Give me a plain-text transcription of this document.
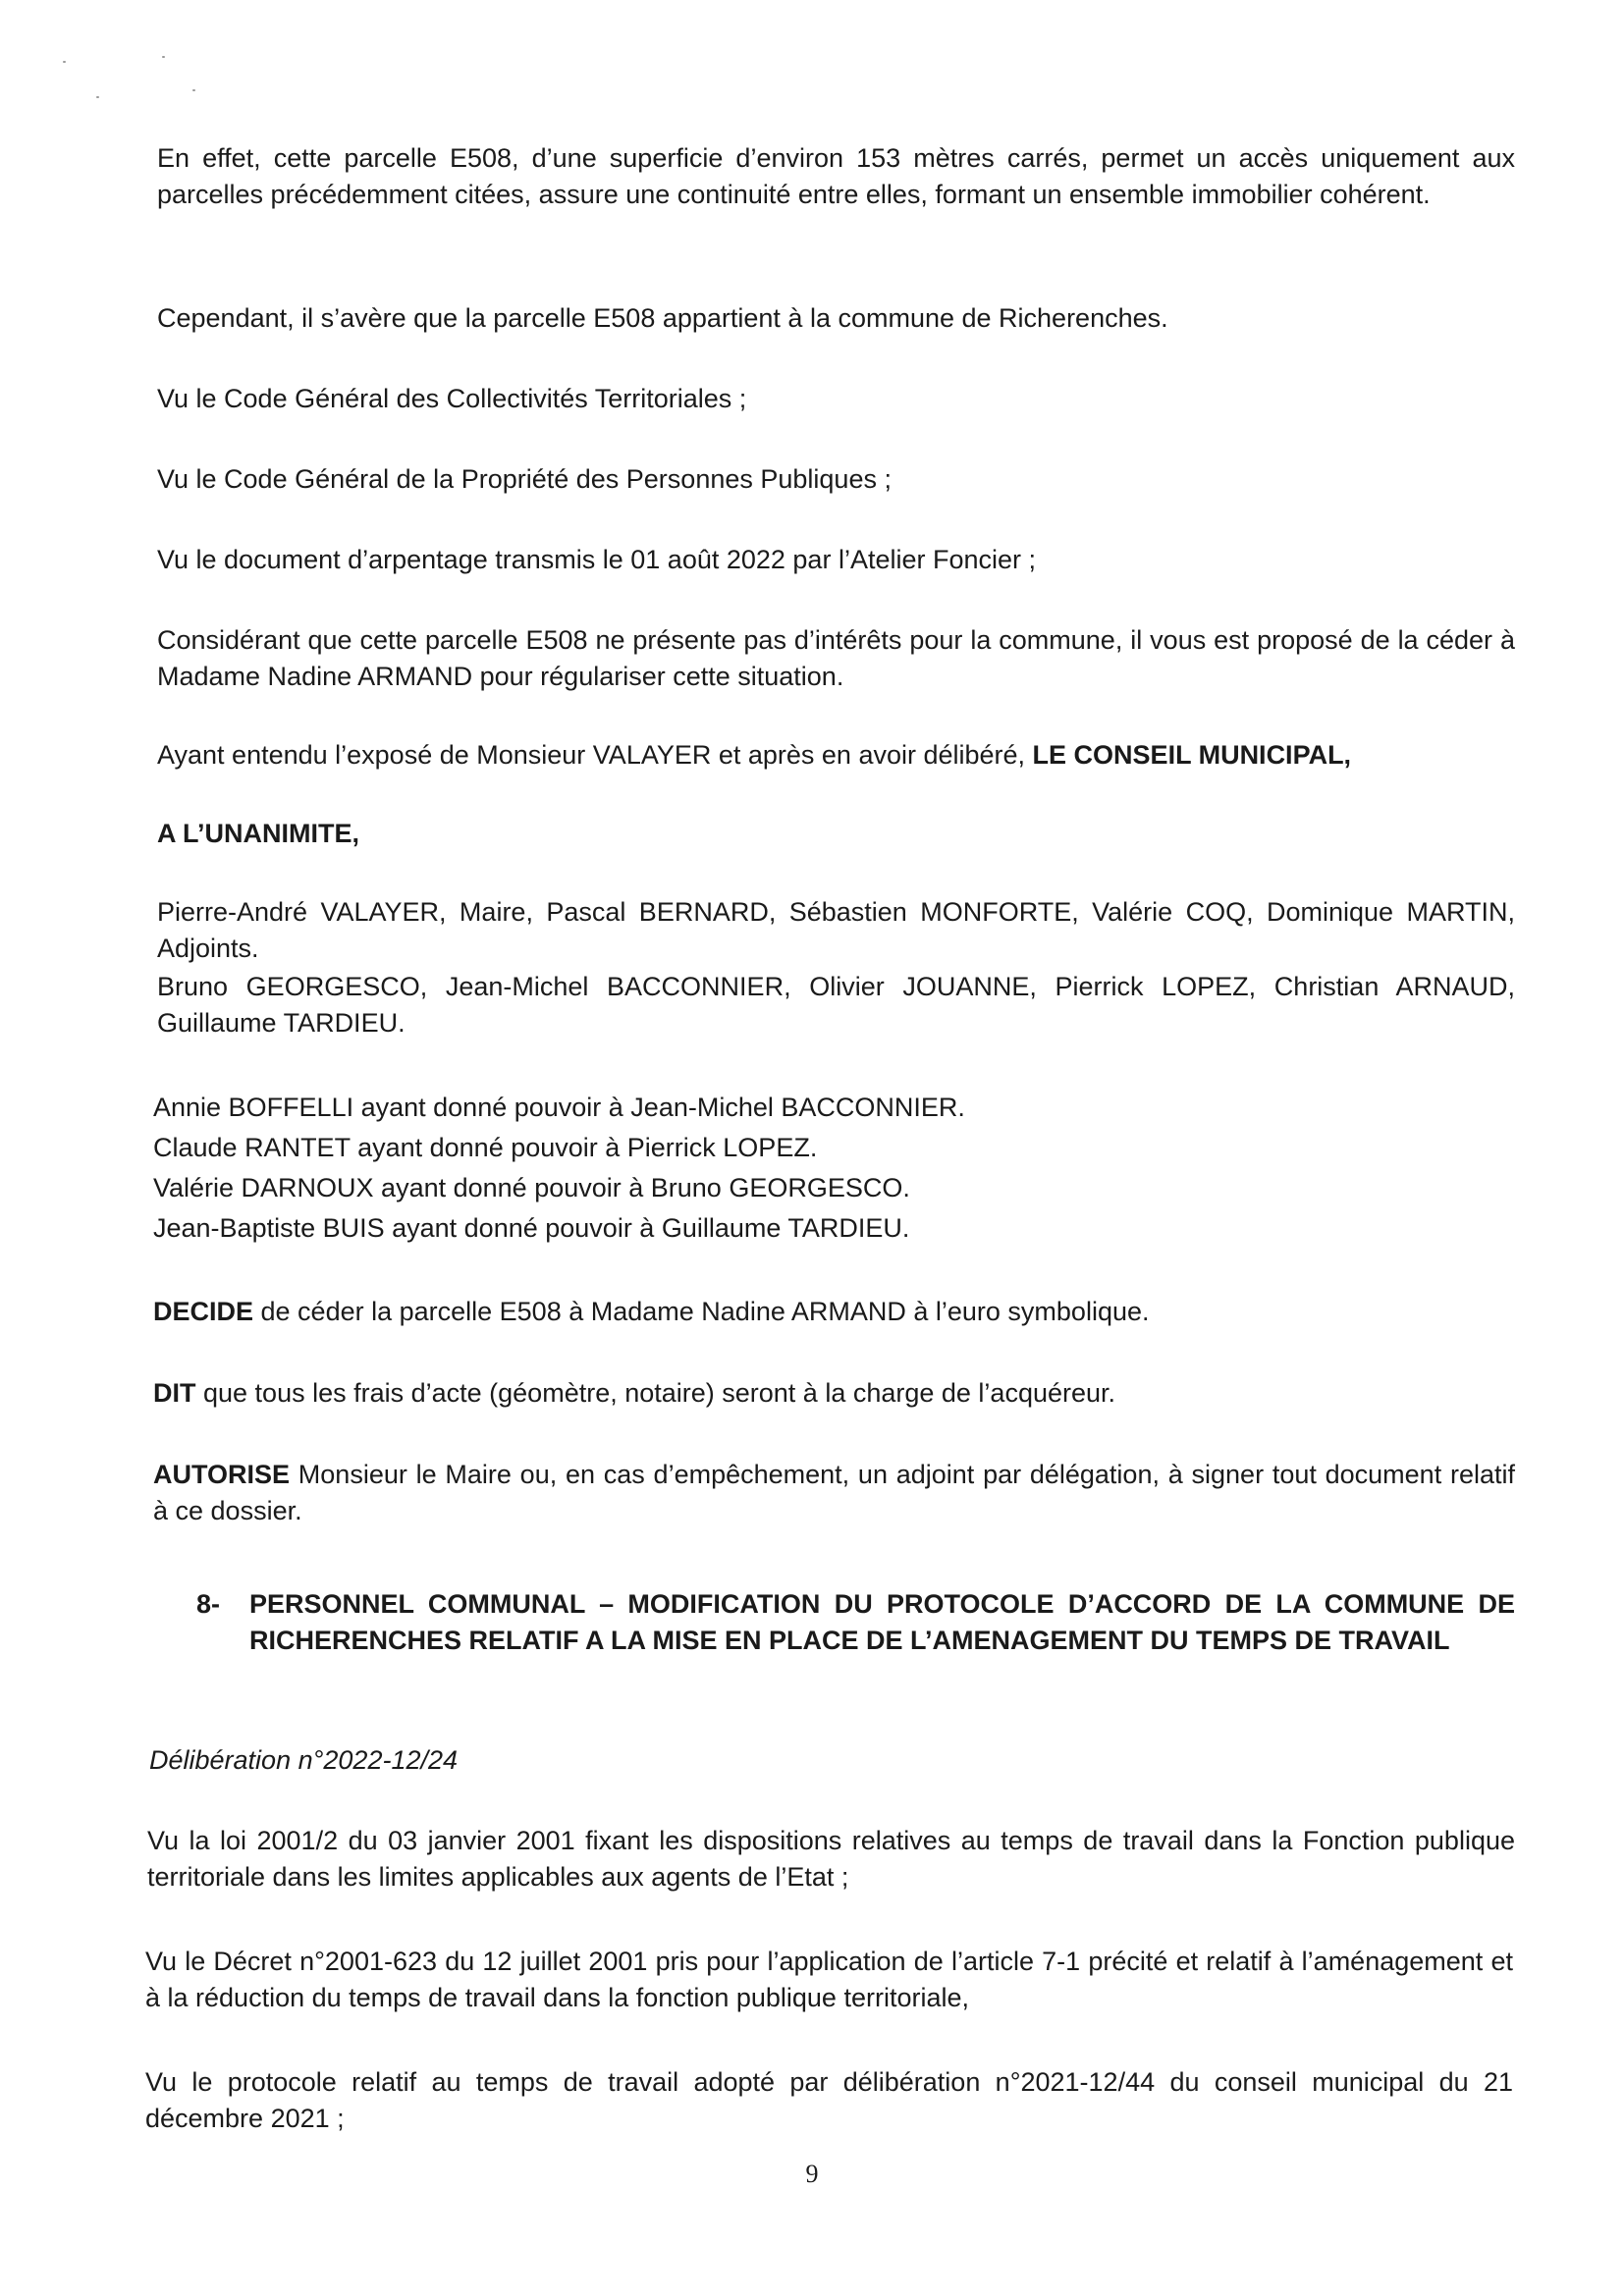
En effet, cette parcelle E508, d’une superficie d’environ 153 mètres carrés, permet un accès uniquement aux parcelles précédemment citées, assure une continuité entre elles, formant un ensemble immobilier cohérent.

Cependant, il s’avère que la parcelle E508 appartient à la commune de Richerenches.

Vu le Code Général des Collectivités Territoriales ;

Vu le Code Général de la Propriété des Personnes Publiques ;

Vu le document d’arpentage transmis le 01 août 2022 par l’Atelier Foncier ;

Considérant que cette parcelle E508 ne présente pas d’intérêts pour la commune, il vous est proposé de la céder à Madame Nadine ARMAND pour régulariser cette situation.

Ayant entendu l’exposé de Monsieur VALAYER et après en avoir délibéré, LE CONSEIL MUNICIPAL,

A L’UNANIMITE,

Pierre-André VALAYER, Maire, Pascal BERNARD, Sébastien MONFORTE, Valérie COQ, Dominique MARTIN, Adjoints.

Bruno GEORGESCO, Jean-Michel BACCONNIER, Olivier JOUANNE, Pierrick LOPEZ, Christian ARNAUD, Guillaume TARDIEU.

Annie BOFFELLI ayant donné pouvoir à Jean-Michel BACCONNIER.

Claude RANTET ayant donné pouvoir à Pierrick LOPEZ.

Valérie DARNOUX ayant donné pouvoir à Bruno GEORGESCO.

Jean-Baptiste BUIS ayant donné pouvoir à Guillaume TARDIEU.

DECIDE de céder la parcelle E508 à Madame Nadine ARMAND à l’euro symbolique.

DIT que tous les frais d’acte (géomètre, notaire) seront à la charge de l’acquéreur.

AUTORISE Monsieur le Maire ou, en cas d’empêchement, un adjoint par délégation, à signer tout document relatif à ce dossier.

8- PERSONNEL COMMUNAL – MODIFICATION DU PROTOCOLE D’ACCORD DE LA COMMUNE DE RICHERENCHES RELATIF A LA MISE EN PLACE DE L’AMENAGEMENT DU TEMPS DE TRAVAIL

Délibération n°2022-12/24

Vu la loi 2001/2 du 03 janvier 2001 fixant les dispositions relatives au temps de travail dans la Fonction publique territoriale dans les limites applicables aux agents de l’Etat ;

Vu le Décret n°2001-623 du 12 juillet 2001 pris pour l’application de l’article 7-1 précité et relatif à l’aménagement et à la réduction du temps de travail dans la fonction publique territoriale,

Vu le protocole relatif au temps de travail adopté par délibération n°2021-12/44 du conseil municipal du 21 décembre 2021 ;

9
